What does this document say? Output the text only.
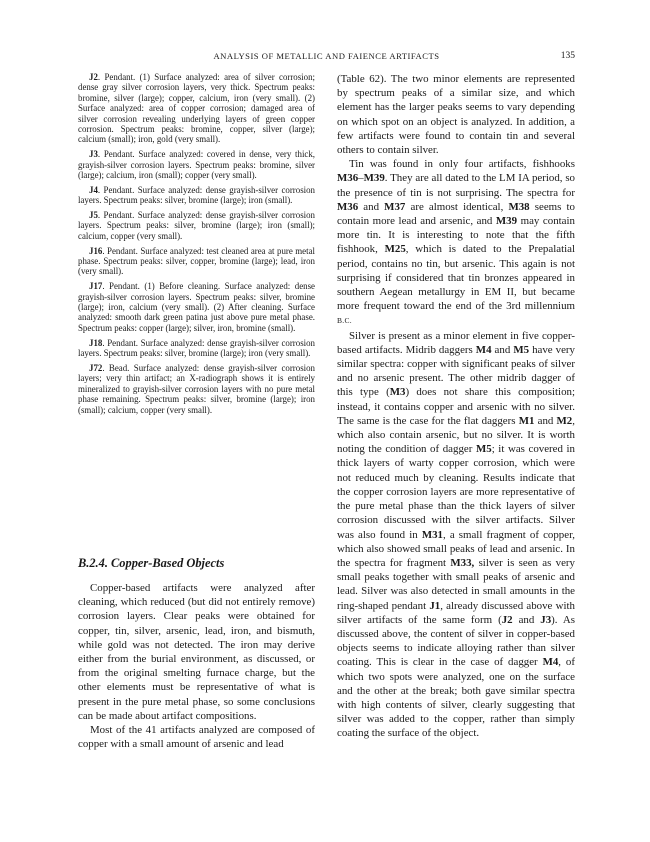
ANALYSIS OF METALLIC AND FAIENCE ARTIFACTS	135

J2. Pendant. (1) Surface analyzed: area of silver corrosion; dense gray silver corrosion layers, very thick. Spectrum peaks: bromine, silver (large); copper, calcium, iron (very small). (2) Surface analyzed: area of copper corrosion; damaged area of silver corrosion revealing underlying layers of green copper corrosion. Spectrum peaks: bromine, copper, silver (large); calcium (small); iron, gold (very small).

J3. Pendant. Surface analyzed: covered in dense, very thick, grayish-silver corrosion layers. Spectrum peaks: bromine, silver (large); calcium, iron (small); copper (very small).

J4. Pendant. Surface analyzed: dense grayish-silver corrosion layers. Spectrum peaks: silver, bromine (large); iron (small).

J5. Pendant. Surface analyzed: dense grayish-silver corrosion layers. Spectrum peaks: silver, bromine (large); iron (small); calcium, copper (very small).

J16. Pendant. Surface analyzed: test cleaned area at pure metal phase. Spectrum peaks: silver, copper, bromine (large); lead, iron (very small).

J17. Pendant. (1) Before cleaning. Surface analyzed: dense grayish-silver corrosion layers. Spectrum peaks: silver, bromine (large); iron, calcium (very small). (2) After cleaning. Surface analyzed: smooth dark green patina just above pure metal phase. Spectrum peaks: copper (large); silver, iron, bromine (small).

J18. Pendant. Surface analyzed: dense grayish-silver corrosion layers. Spectrum peaks: silver, bromine (large); iron (very small).

J72. Bead. Surface analyzed: dense grayish-silver corrosion layers; very thin artifact; an X-radiograph shows it is entirely mineralized to grayish-silver corrosion layers with no pure metal phase remaining. Spectrum peaks: silver, bromine (large); iron (small); calcium, copper (very small).

B.2.4. Copper-Based Objects

Copper-based artifacts were analyzed after cleaning, which reduced (but did not entirely remove) corrosion layers. Clear peaks were obtained for copper, tin, silver, arsenic, lead, iron, and bismuth, while gold was not detected. The iron may derive either from the burial environment, as discussed, or from the original smelting furnace charge, but the other elements must be representative of what is present in the pure metal phase, so some conclusions can be made about artifact compositions.

Most of the 41 artifacts analyzed are composed of copper with a small amount of arsenic and lead

(Table 62). The two minor elements are represented by spectrum peaks of a similar size, and which element has the larger peaks seems to vary depending on which spot on an object is analyzed. In addition, a few artifacts were found to contain tin and several others to contain silver.

Tin was found in only four artifacts, fishhooks M36–M39. They are all dated to the LM IA period, so the presence of tin is not surprising. The spectra for M36 and M37 are almost identical, M38 seems to contain more lead and arsenic, and M39 may contain more tin. It is interesting to note that the fifth fishhook, M25, which is dated to the Prepalatial period, contains no tin, but arsenic. This again is not surprising if considered that tin bronzes appeared in southern Aegean metallurgy in EM II, but became more frequent toward the end of the 3rd millennium B.C.

Silver is present as a minor element in five copper-based artifacts. Midrib daggers M4 and M5 have very similar spectra: copper with significant peaks of silver and no arsenic present. The other midrib dagger of this type (M3) does not share this composition; instead, it contains copper and arsenic with no silver. The same is the case for the flat daggers M1 and M2, which also contain arsenic, but no silver. It is worth noting the condition of dagger M5; it was covered in thick layers of warty copper corrosion, which were not reduced much by cleaning. Results indicate that the copper corrosion layers are more representative of the pure metal phase than the thick layers of silver corrosion discussed with the silver artifacts. Silver was also found in M31, a small fragment of copper, which also showed small peaks of lead and arsenic. In the spectra for fragment M33, silver is seen as very small peaks together with small peaks of arsenic and lead. Silver was also detected in small amounts in the ring-shaped pendant J1, already discussed above with silver artifacts of the same form (J2 and J3). As discussed above, the content of silver in copper-based objects seems to indicate alloying rather than silver coating. This is clear in the case of dagger M4, of which two spots were analyzed, one on the surface and the other at the break; both gave similar spectra with high contents of silver, clearly suggesting that silver was added to the copper, rather than simply coating the surface of the object.
